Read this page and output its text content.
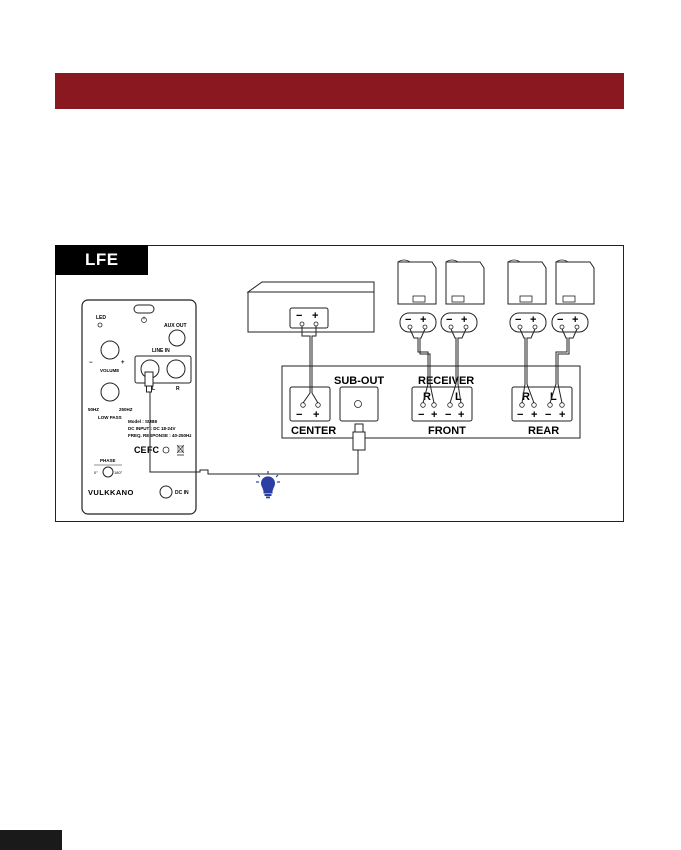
LFE
LED
AUX OUT
−	+
VOLUME
LINE IN
L	R
50HZ	250HZ
LOW PASS
Model : SUB8
DC INPUT : DC 18-24V
FREQ. RESPONSE : 40-250Hz
CE FC
PHASE
0°	180°
VULKKANO	DC IN
− +	− + − +	− + − +
SUB-OUT	RECEIVER
− +
R L
− + − +
R L
− + − +
CENTER	FRONT	REAR
